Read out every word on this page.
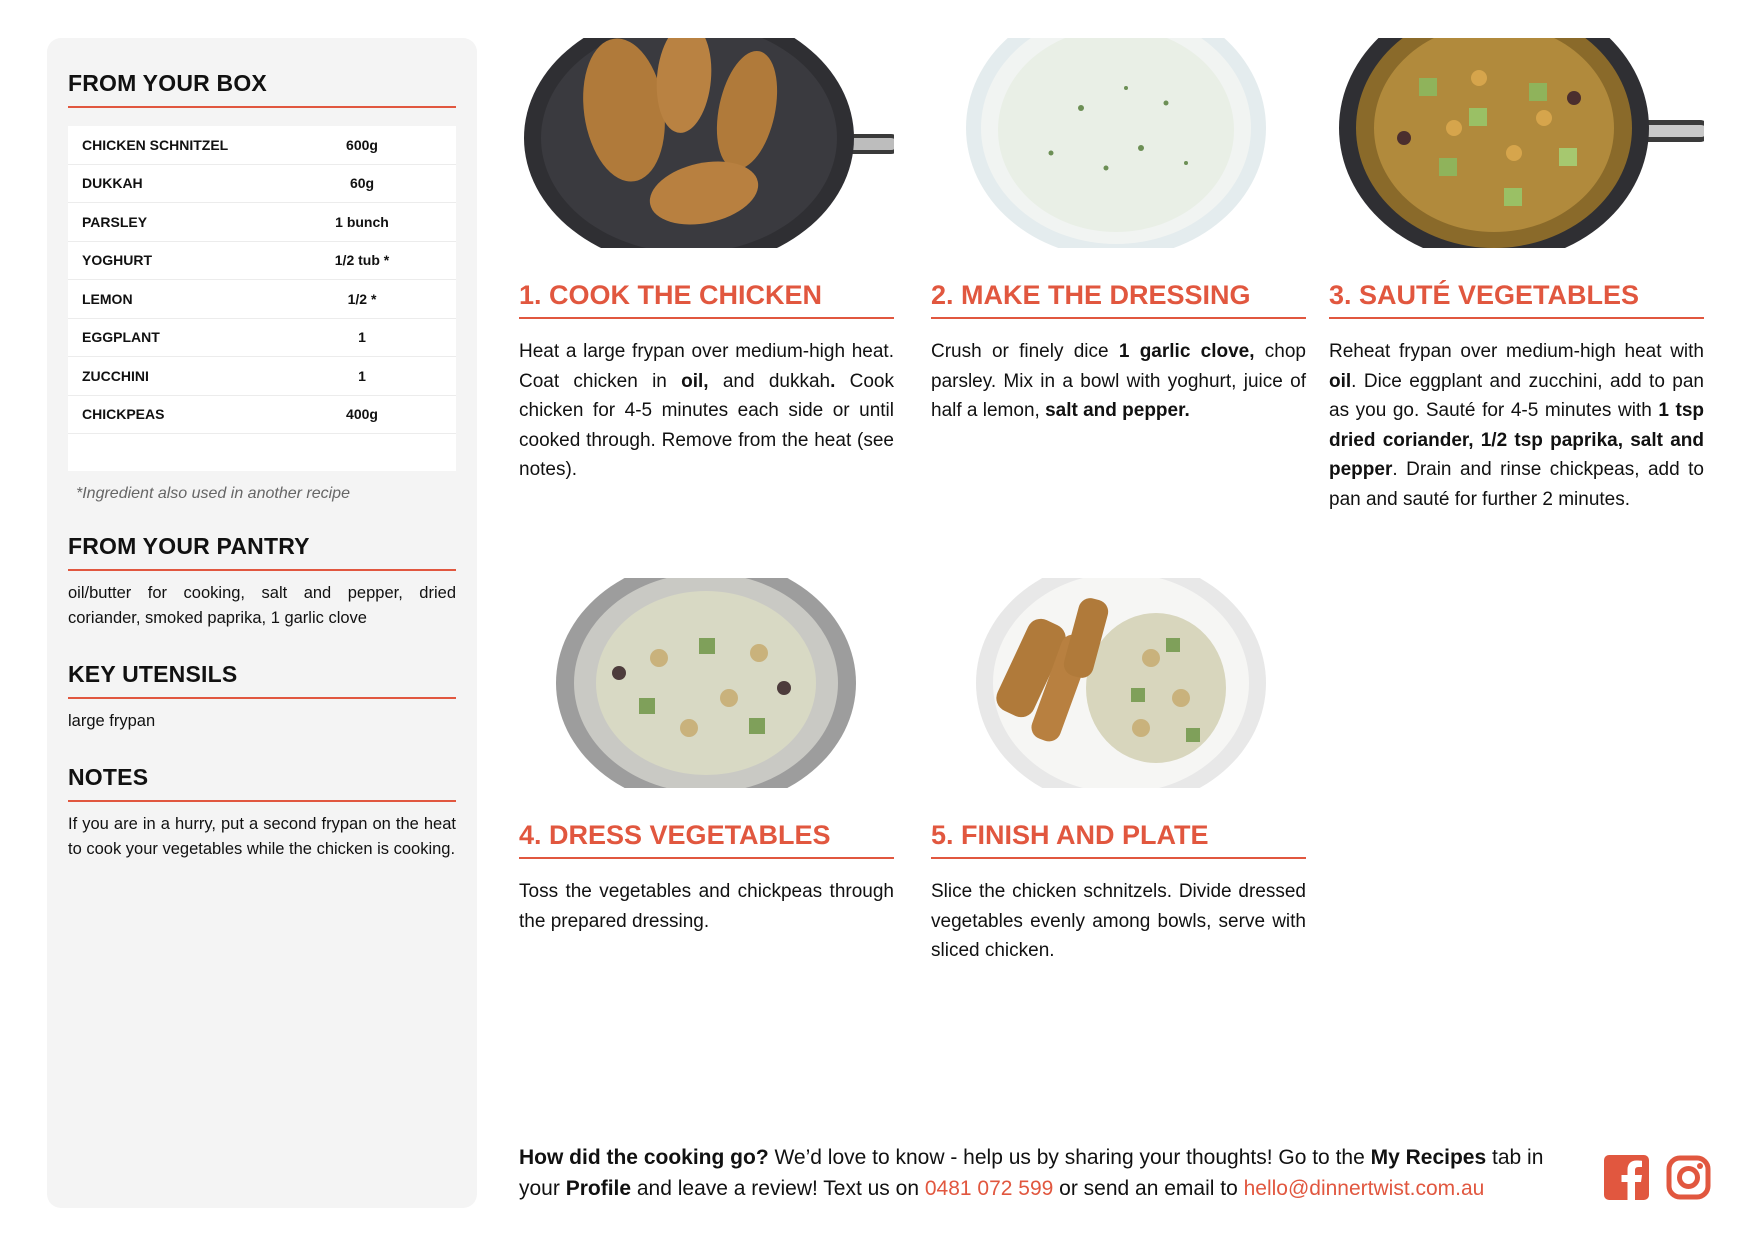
FROM YOUR BOX
CHICKEN SCHNITZEL	600g
DUKKAH	60g
PARSLEY	1 bunch
YOGHURT	1/2 tub *
LEMON	1/2 *
EGGPLANT	1
ZUCCHINI	1
CHICKPEAS	400g
*Ingredient also used in another recipe
FROM YOUR PANTRY
oil/butter for cooking, salt and pepper, dried coriander, smoked paprika, 1 garlic clove
KEY UTENSILS
large frypan
NOTES
If you are in a hurry, put a second frypan on the heat to cook your vegetables while the chicken is cooking.
1. COOK THE CHICKEN
Heat a large frypan over medium-high heat. Coat chicken in oil, and dukkah. Cook chicken for 4-5 minutes each side or until cooked through. Remove from the heat (see notes).
2. MAKE THE DRESSING
Crush or finely dice 1 garlic clove, chop parsley. Mix in a bowl with yoghurt, juice of half a lemon, salt and pepper.
3. SAUTÉ VEGETABLES
Reheat frypan over medium-high heat with oil. Dice eggplant and zucchini, add to pan as you go. Sauté for 4-5 minutes with 1 tsp dried coriander, 1/2 tsp paprika, salt and pepper. Drain and rinse chickpeas, add to pan and sauté for further 2 minutes.
4. DRESS VEGETABLES
Toss the vegetables and chickpeas through the prepared dressing.
5. FINISH AND PLATE
Slice the chicken schnitzels. Divide dressed vegetables evenly among bowls, serve with sliced chicken.
How did the cooking go? We’d love to know - help us by sharing your thoughts! Go to the My Recipes tab in your Profile and leave a review! Text us on 0481 072 599 or send an email to hello@dinnertwist.com.au
